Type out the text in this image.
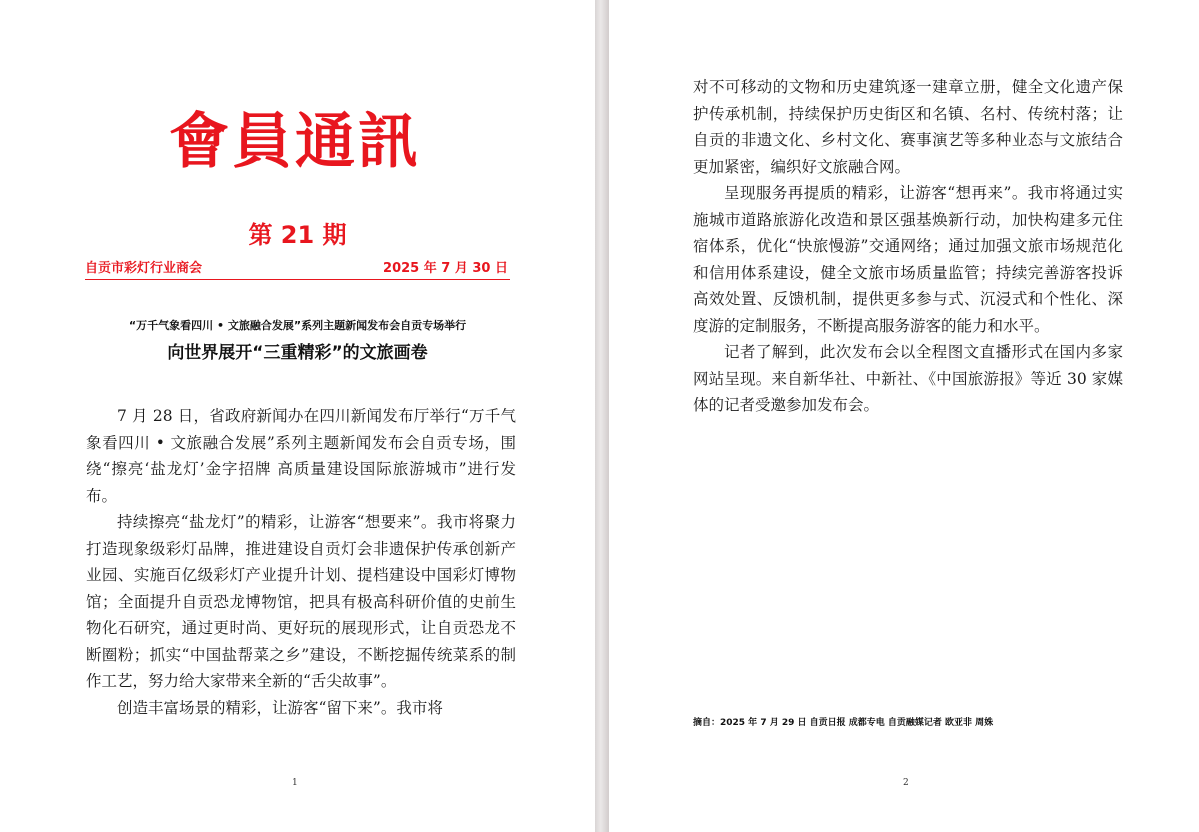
會員通訊
第 21 期
自贡市彩灯行业商会	2025 年 7 月 30 日
“万千气象看四川 • 文旅融合发展”系列主题新闻发布会自贡专场举行
向世界展开“三重精彩”的文旅画卷

7 月 28 日，省政府新闻办在四川新闻发布厅举行“万千气象看四川 • 文旅融合发展”系列主题新闻发布会自贡专场，围绕“擦亮‘盐龙灯’金字招牌 高质量建设国际旅游城市”进行发布。

持续擦亮“盐龙灯”的精彩，让游客“想要来”。我市将聚力打造现象级彩灯品牌，推进建设自贡灯会非遗保护传承创新产业园、实施百亿级彩灯产业提升计划、提档建设中国彩灯博物馆；全面提升自贡恐龙博物馆，把具有极高科研价值的史前生物化石研究，通过更时尚、更好玩的展现形式，让自贡恐龙不断圈粉；抓实“中国盐帮菜之乡”建设，不断挖掘传统菜系的制作工艺，努力给大家带来全新的“舌尖故事”。

创造丰富场景的精彩，让游客“留下来”。我市将

1

对不可移动的文物和历史建筑逐一建章立册，健全文化遗产保护传承机制，持续保护历史街区和名镇、名村、传统村落；让自贡的非遗文化、乡村文化、赛事演艺等多种业态与文旅结合更加紧密，编织好文旅融合网。

呈现服务再提质的精彩，让游客“想再来”。我市将通过实施城市道路旅游化改造和景区强基焕新行动，加快构建多元住宿体系，优化“快旅慢游”交通网络；通过加强文旅市场规范化和信用体系建设，健全文旅市场质量监管；持续完善游客投诉高效处置、反馈机制，提供更多参与式、沉浸式和个性化、深度游的定制服务，不断提高服务游客的能力和水平。

记者了解到，此次发布会以全程图文直播形式在国内多家网站呈现。来自新华社、中新社、《中国旅游报》等近 30 家媒体的记者受邀参加发布会。

摘自：2025 年 7 月 29 日 自贡日报 成都专电 自贡融媒记者 欧亚非 周姝
2
